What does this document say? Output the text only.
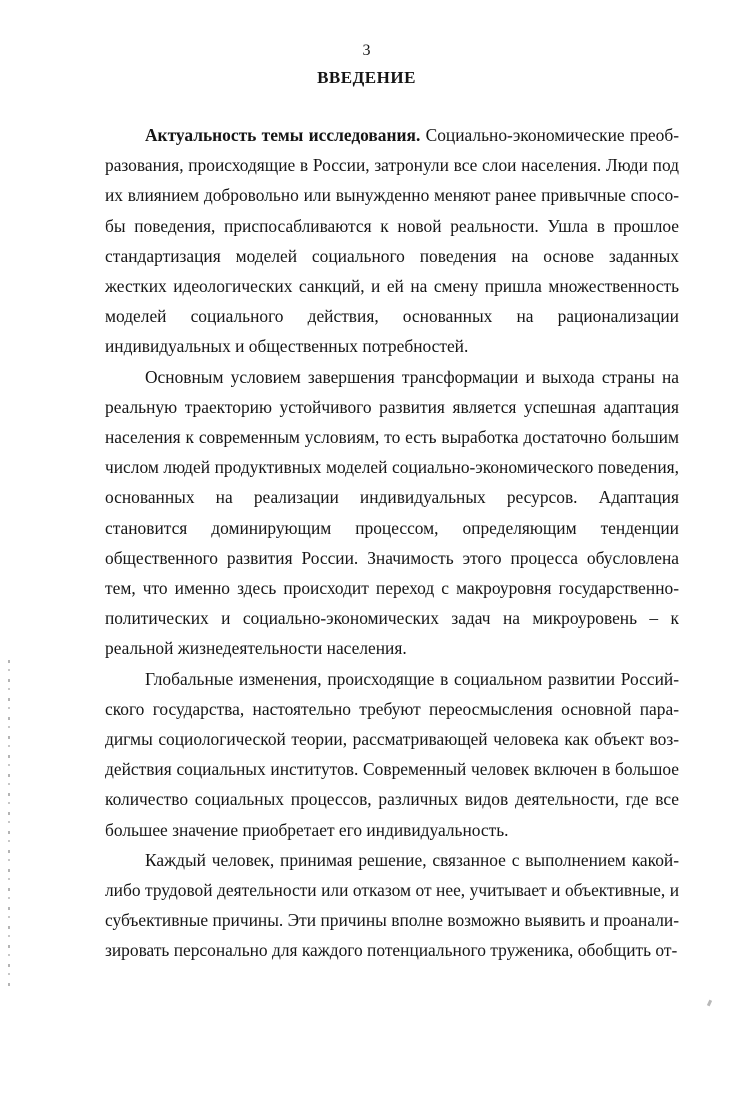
3
ВВЕДЕНИЕ

Актуальность темы исследования. Социально-экономические преобразования, происходящие в России, затронули все слои населения. Люди под их влиянием добровольно или вынужденно меняют ранее привычные способы поведения, приспосабливаются к новой реальности. Ушла в прошлое стандартизация моделей социального поведения на основе заданных жестких идеологических санкций, и ей на смену пришла множественность моделей социального действия, основанных на рационализации индивидуальных и общественных потребностей.

Основным условием завершения трансформации и выхода страны на реальную траекторию устойчивого развития является успешная адаптация населения к современным условиям, то есть выработка достаточно большим числом людей продуктивных моделей социально-экономического поведения, основанных на реализации индивидуальных ресурсов. Адаптация становится доминирующим процессом, определяющим тенденции общественного развития России. Значимость этого процесса обусловлена тем, что именно здесь происходит переход с макроуровня государственно-политических и социально-экономических задач на микроуровень – к реальной жизнедеятельности населения.

Глобальные изменения, происходящие в социальном развитии Российского государства, настоятельно требуют переосмысления основной парадигмы социологической теории, рассматривающей человека как объект воздействия социальных институтов. Современный человек включен в большое количество социальных процессов, различных видов деятельности, где все большее значение приобретает его индивидуальность.

Каждый человек, принимая решение, связанное с выполнением какой-либо трудовой деятельности или отказом от нее, учитывает и объективные, и субъективные причины. Эти причины вполне возможно выявить и проанализировать персонально для каждого потенциального труженика, обобщить от-
